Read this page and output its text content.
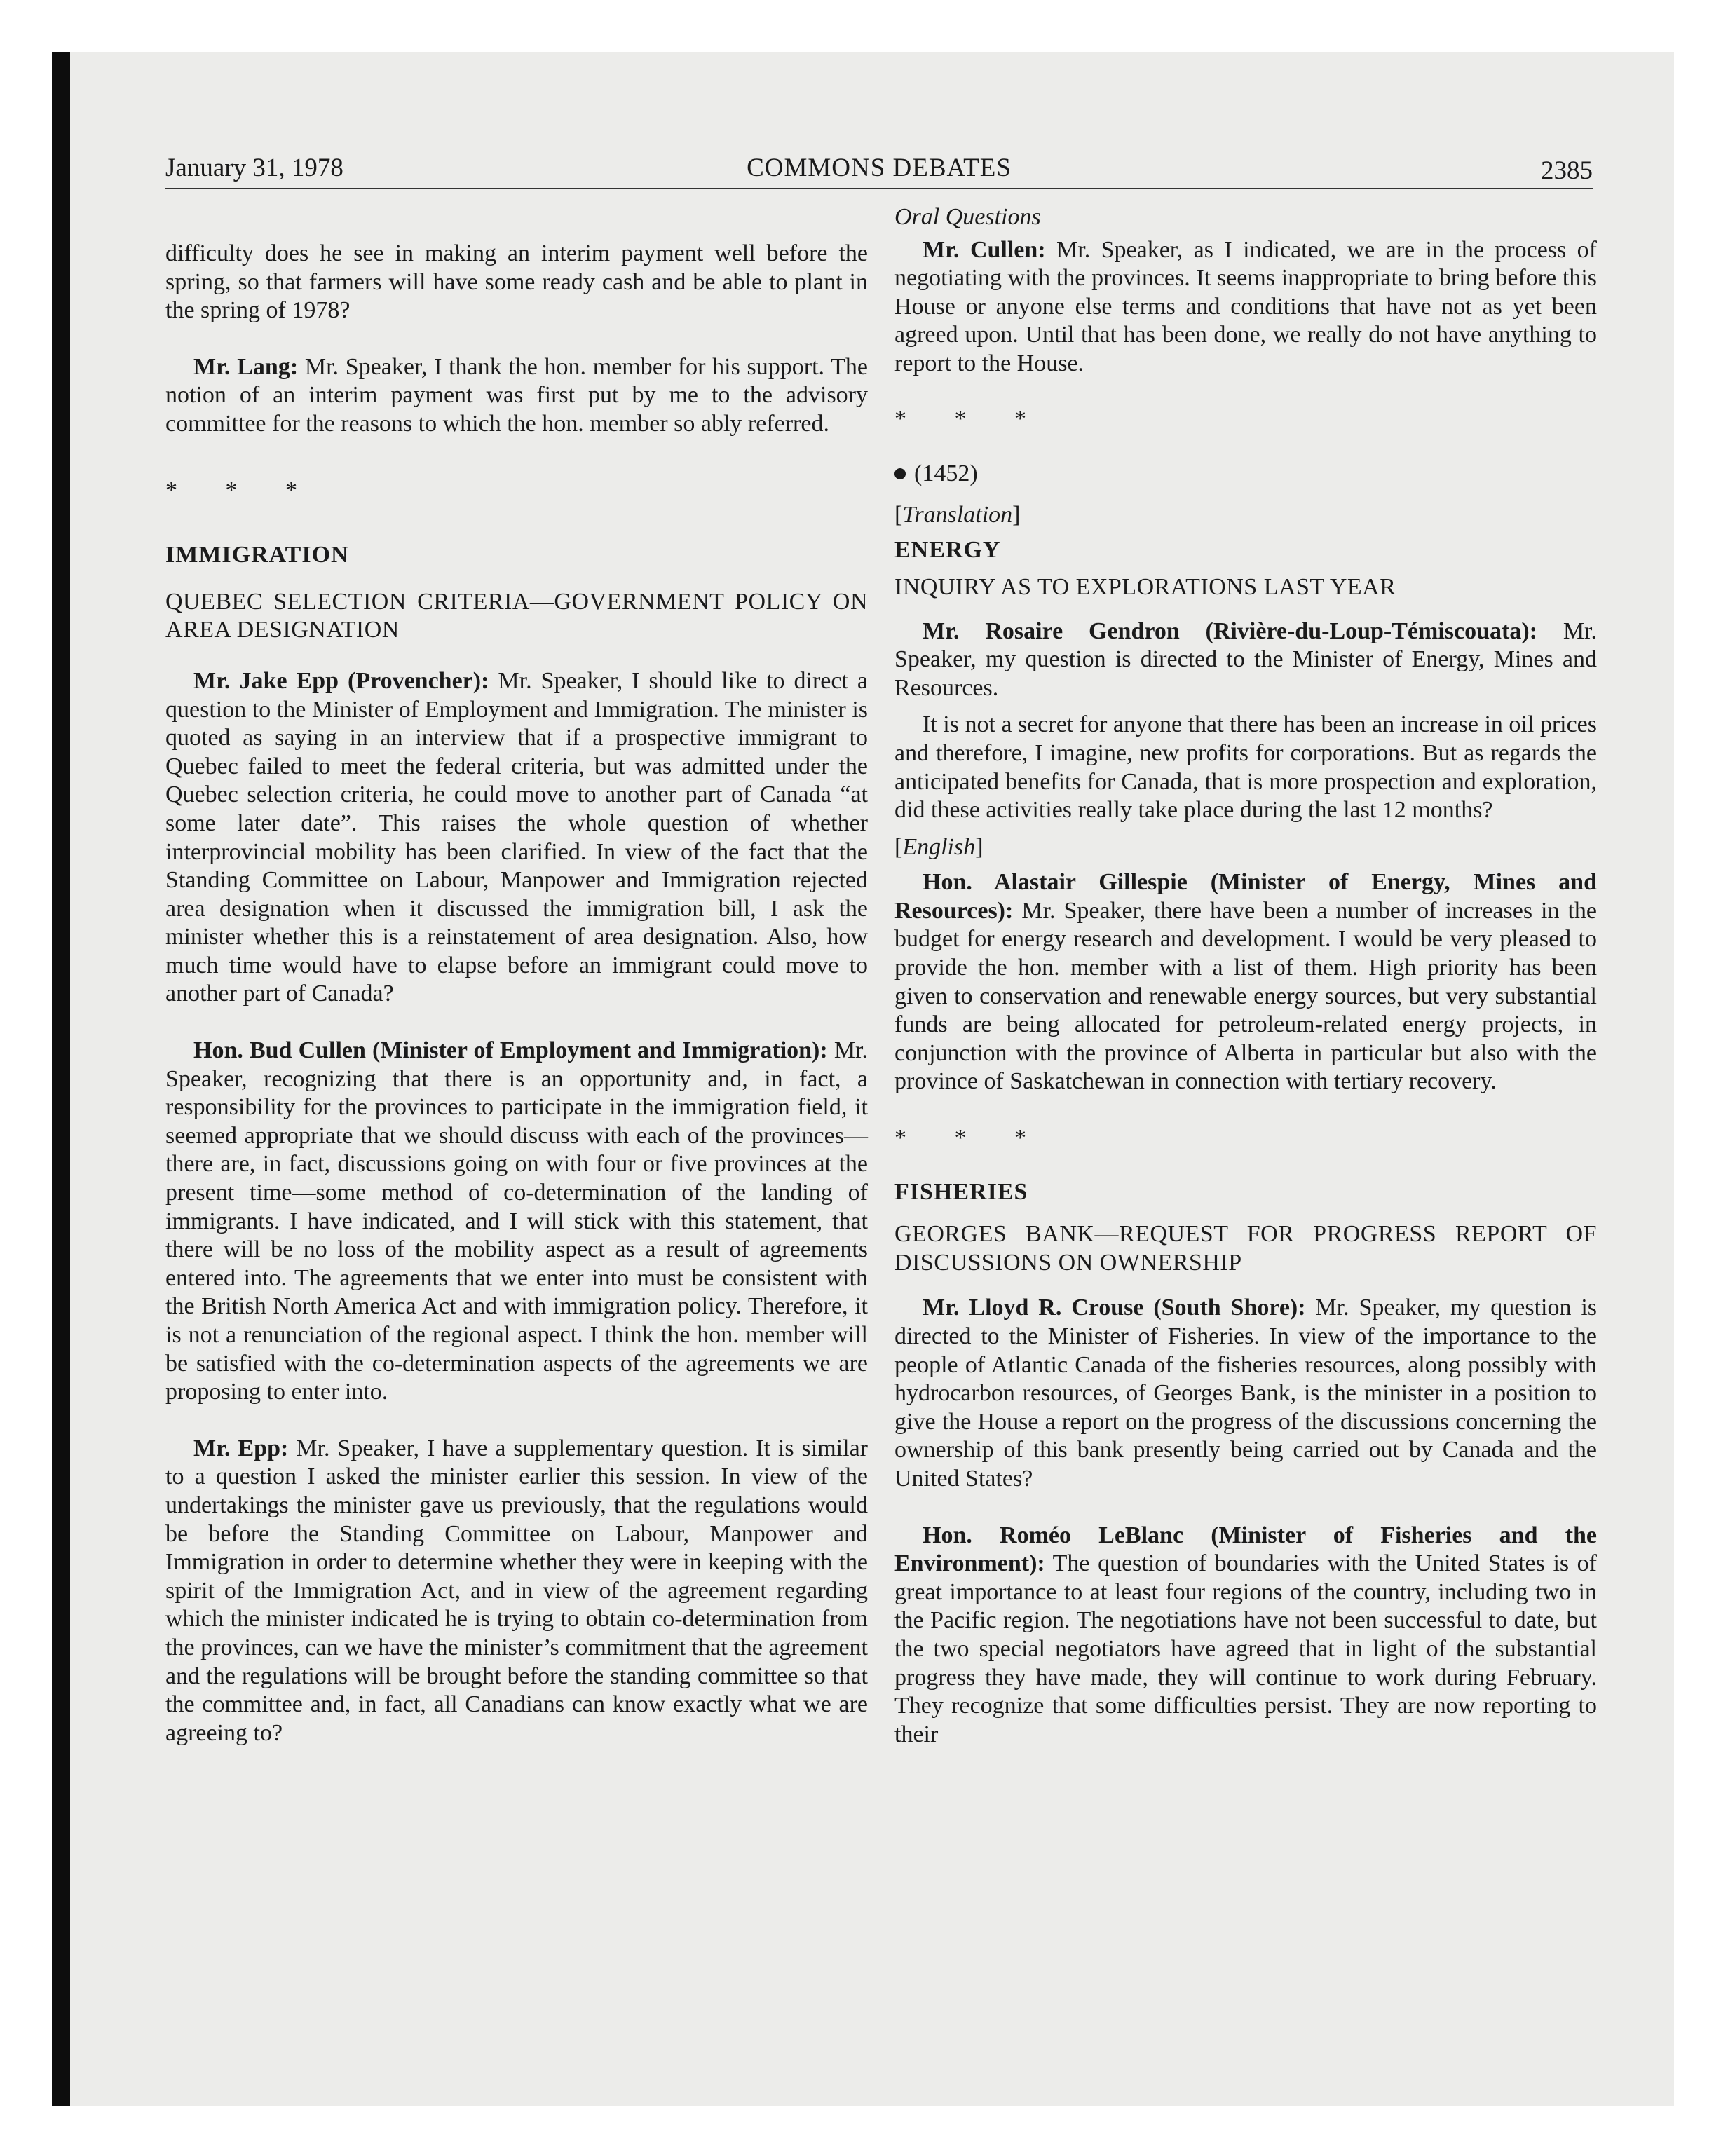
January 31, 1978	COMMONS DEBATES	2385

difficulty does he see in making an interim payment well before the spring, so that farmers will have some ready cash and be able to plant in the spring of 1978?

Mr. Lang: Mr. Speaker, I thank the hon. member for his support. The notion of an interim payment was first put by me to the advisory committee for the reasons to which the hon. member so ably referred.

* * *

IMMIGRATION

QUEBEC SELECTION CRITERIA—GOVERNMENT POLICY ON AREA DESIGNATION

Mr. Jake Epp (Provencher): Mr. Speaker, I should like to direct a question to the Minister of Employment and Immigration. The minister is quoted as saying in an interview that if a prospective immigrant to Quebec failed to meet the federal criteria, but was admitted under the Quebec selection criteria, he could move to another part of Canada “at some later date”. This raises the whole question of whether interprovincial mobility has been clarified. In view of the fact that the Standing Committee on Labour, Manpower and Immigration rejected area designation when it discussed the immigration bill, I ask the minister whether this is a reinstatement of area designation. Also, how much time would have to elapse before an immigrant could move to another part of Canada?

Hon. Bud Cullen (Minister of Employment and Immigration): Mr. Speaker, recognizing that there is an opportunity and, in fact, a responsibility for the provinces to participate in the immigration field, it seemed appropriate that we should discuss with each of the provinces—there are, in fact, discussions going on with four or five provinces at the present time—some method of co-determination of the landing of immigrants. I have indicated, and I will stick with this statement, that there will be no loss of the mobility aspect as a result of agreements entered into. The agreements that we enter into must be consistent with the British North America Act and with immigration policy. Therefore, it is not a renunciation of the regional aspect. I think the hon. member will be satisfied with the co-determination aspects of the agreements we are proposing to enter into.

Mr. Epp: Mr. Speaker, I have a supplementary question. It is similar to a question I asked the minister earlier this session. In view of the undertakings the minister gave us previously, that the regulations would be before the Standing Committee on Labour, Manpower and Immigration in order to determine whether they were in keeping with the spirit of the Immigration Act, and in view of the agreement regarding which the minister indicated he is trying to obtain co-determination from the provinces, can we have the minister’s commitment that the agreement and the regulations will be brought before the standing committee so that the committee and, in fact, all Canadians can know exactly what we are agreeing to?

Oral Questions

Mr. Cullen: Mr. Speaker, as I indicated, we are in the process of negotiating with the provinces. It seems inappropriate to bring before this House or anyone else terms and conditions that have not as yet been agreed upon. Until that has been done, we really do not have anything to report to the House.

* * *

(1452)

[Translation]

ENERGY

INQUIRY AS TO EXPLORATIONS LAST YEAR

Mr. Rosaire Gendron (Rivière-du-Loup-Témiscouata): Mr. Speaker, my question is directed to the Minister of Energy, Mines and Resources.

It is not a secret for anyone that there has been an increase in oil prices and therefore, I imagine, new profits for corporations. But as regards the anticipated benefits for Canada, that is more prospection and exploration, did these activities really take place during the last 12 months?

[English]

Hon. Alastair Gillespie (Minister of Energy, Mines and Resources): Mr. Speaker, there have been a number of increases in the budget for energy research and development. I would be very pleased to provide the hon. member with a list of them. High priority has been given to conservation and renewable energy sources, but very substantial funds are being allocated for petroleum-related energy projects, in conjunction with the province of Alberta in particular but also with the province of Saskatchewan in connection with tertiary recovery.

* * *

FISHERIES

GEORGES BANK—REQUEST FOR PROGRESS REPORT OF DISCUSSIONS ON OWNERSHIP

Mr. Lloyd R. Crouse (South Shore): Mr. Speaker, my question is directed to the Minister of Fisheries. In view of the importance to the people of Atlantic Canada of the fisheries resources, along possibly with hydrocarbon resources, of Georges Bank, is the minister in a position to give the House a report on the progress of the discussions concerning the ownership of this bank presently being carried out by Canada and the United States?

Hon. Roméo LeBlanc (Minister of Fisheries and the Environment): The question of boundaries with the United States is of great importance to at least four regions of the country, including two in the Pacific region. The negotiations have not been successful to date, but the two special negotiators have agreed that in light of the substantial progress they have made, they will continue to work during February. They recognize that some difficulties persist. They are now reporting to their
